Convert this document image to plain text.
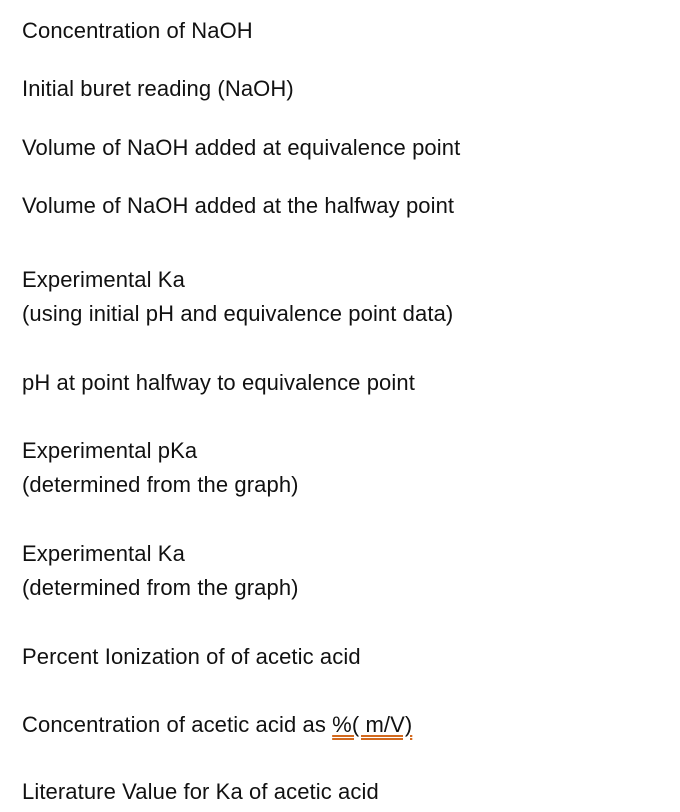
Concentration of NaOH
Initial buret reading (NaOH)
Volume of NaOH added at equivalence point
Volume of NaOH added at the halfway point
Experimental Ka
(using initial pH and equivalence point data)
pH at point halfway to equivalence point
Experimental pKa
(determined from the graph)
Experimental Ka
(determined from the graph)
Percent Ionization of of acetic acid
Concentration of acetic acid as %( m/V)
Literature Value for Ka of acetic acid
